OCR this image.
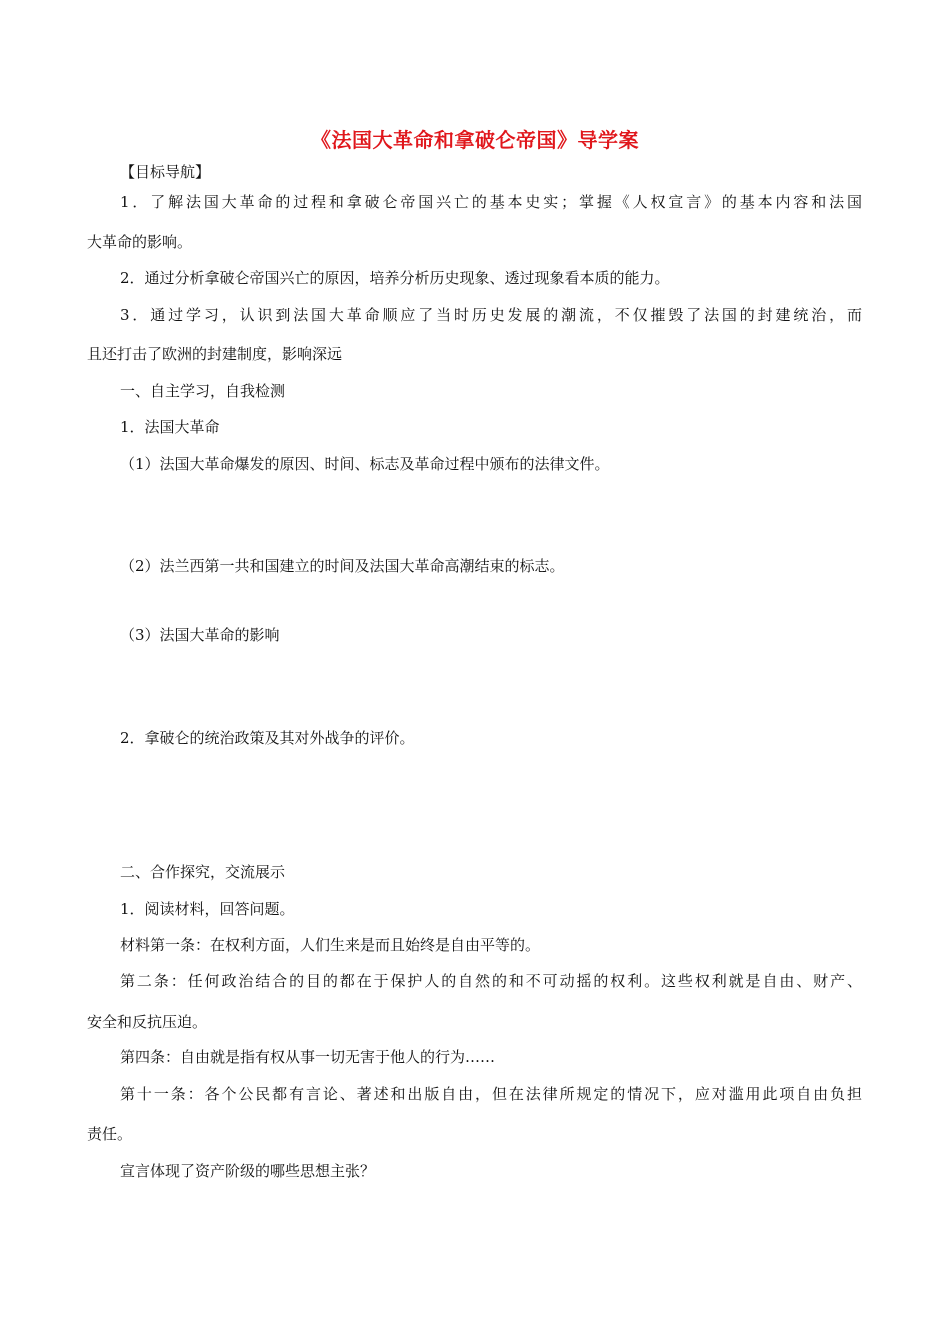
《法国大革命和拿破仑帝国》导学案
【目标导航】
1．了解法国大革命的过程和拿破仑帝国兴亡的基本史实；掌握《人权宣言》的基本内容和法国
大革命的影响。
2．通过分析拿破仑帝国兴亡的原因，培养分析历史现象、透过现象看本质的能力。
3．通过学习，认识到法国大革命顺应了当时历史发展的潮流，不仅摧毁了法国的封建统治，而
且还打击了欧洲的封建制度，影响深远
一、自主学习，自我检测
1．法国大革命
（1）法国大革命爆发的原因、时间、标志及革命过程中颁布的法律文件。
（2）法兰西第一共和国建立的时间及法国大革命高潮结束的标志。
（3）法国大革命的影响
2．拿破仑的统治政策及其对外战争的评价。
二、合作探究，交流展示
1．阅读材料，回答问题。
材料第一条：在权利方面，人们生来是而且始终是自由平等的。
第二条：任何政治结合的目的都在于保护人的自然的和不可动摇的权利。这些权利就是自由、财产、
安全和反抗压迫。
第四条：自由就是指有权从事一切无害于他人的行为……
第十一条：各个公民都有言论、著述和出版自由，但在法律所规定的情况下，应对滥用此项自由负担
责任。
宣言体现了资产阶级的哪些思想主张？
